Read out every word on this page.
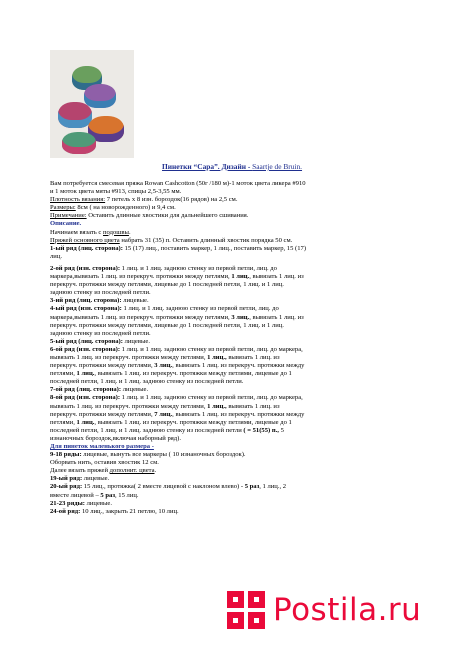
Пинетки “Сара”. Дизайн - Saartje de Bruin.

Вам потребуется смесевая пряжа Rowan Cashcotton (50г /180 м)-1 моток цвета ликера #910

и 1 моток цвета мяты #913, спицы 2,5-3,55 мм.

Плотность вязания: 7 петель х 8 изн. бороздок(16 рядов) на 2,5 см.

Размеры: 8см ( на новорожденного) и 9,4 см.

Примечание: Оставить длинные хвостики для дальнейшего сшивания.

Описание.

Начинаем вязать с подошвы.

Пряжей основного цвета набрать 31 (35) п. Оставить длинный хвостик порядка 50 см.

1-ый ряд (лиц. сторона): 15 (17) лиц., поставить маркер, 1 лиц., поставить маркер, 15 (17)

лиц.

2-ой ряд (изн. сторона): 1 лиц. и 1 лиц. заднюю стенку из первой петли, лиц. до

маркера,вывязать 1 лиц. из перекруч. протяжки между петлями, 1 лиц., вывязать 1 лиц. из

перекруч. протяжки между петлями, лицевые до 1 последней петли, 1 лиц. и 1 лиц.

заднюю стенку из последней петли.

3-ий ряд (лиц. сторона): лицевые.

4-ый ряд (изн. сторона): 1 лиц. и 1 лиц. заднюю стенку из первой петли, лиц. до

маркера,вывязать 1 лиц. из перекруч. протяжки между петлями, 3 лиц., вывязать 1 лиц. из

перекруч. протяжки между петлями, лицевые до 1 последней петли, 1 лиц. и 1 лиц.

заднюю стенку из последней петли.

5-ый ряд (лиц. сторона): лицевые.

6-ой ряд (изн. сторона): 1 лиц. и 1 лиц. заднюю стенку из первой петли, лиц. до маркера,

вывязать 1 лиц. из перекруч. протяжки между петлями, 1 лиц., вывязать 1 лиц. из

перекруч. протяжки между петлями, 3 лиц., вывязать 1 лиц. из перекруч. протяжки между

петлями, 1 лиц., вывязать 1 лиц. из перекруч. протяжки между петлями, лицевые до 1

последней петли, 1 лиц. и 1 лиц. заднюю стенку из последней петли.

7-ой ряд (лиц. сторона): лицевые.

8-ой ряд (изн. сторона): 1 лиц. и 1 лиц. заднюю стенку из первой петли, лиц. до маркера,

вывязать 1 лиц. из перекруч. протяжки между петлями, 1 лиц., вывязать 1 лиц. из

перекруч. протяжки между петлями, 7 лиц., вывязать 1 лиц. из перекруч. протяжки между

петлями, 1 лиц., вывязать 1 лиц. из перекруч. протяжки между петлями, лицевые до 1

последней петли, 1 лиц. и 1 лиц. заднюю стенку из последней петли ( = 51(55) п., 5

изнаночных бороздок,включая наборный ряд).

Для пинеток маленького размера -

9-18 ряды: лицевые, вынуть все маркеры ( 10 изнаночных бороздок).

Оборвать нить, оставив хвостик 12 см.

Далее вязать пряжей дополнит. цвета.

19-ый ряд: лицевые.

20-ый ряд: 15 лиц., протяжка( 2 вместе лицевой с наклоном влево) - 5 раз, 1 лиц., 2

вместе лицевой – 5 раз, 15 лиц.

21-23 ряды: лицевые.

24-ой ряд: 10 лиц., закрыть 21 петлю, 10 лиц.

Postila.ru
